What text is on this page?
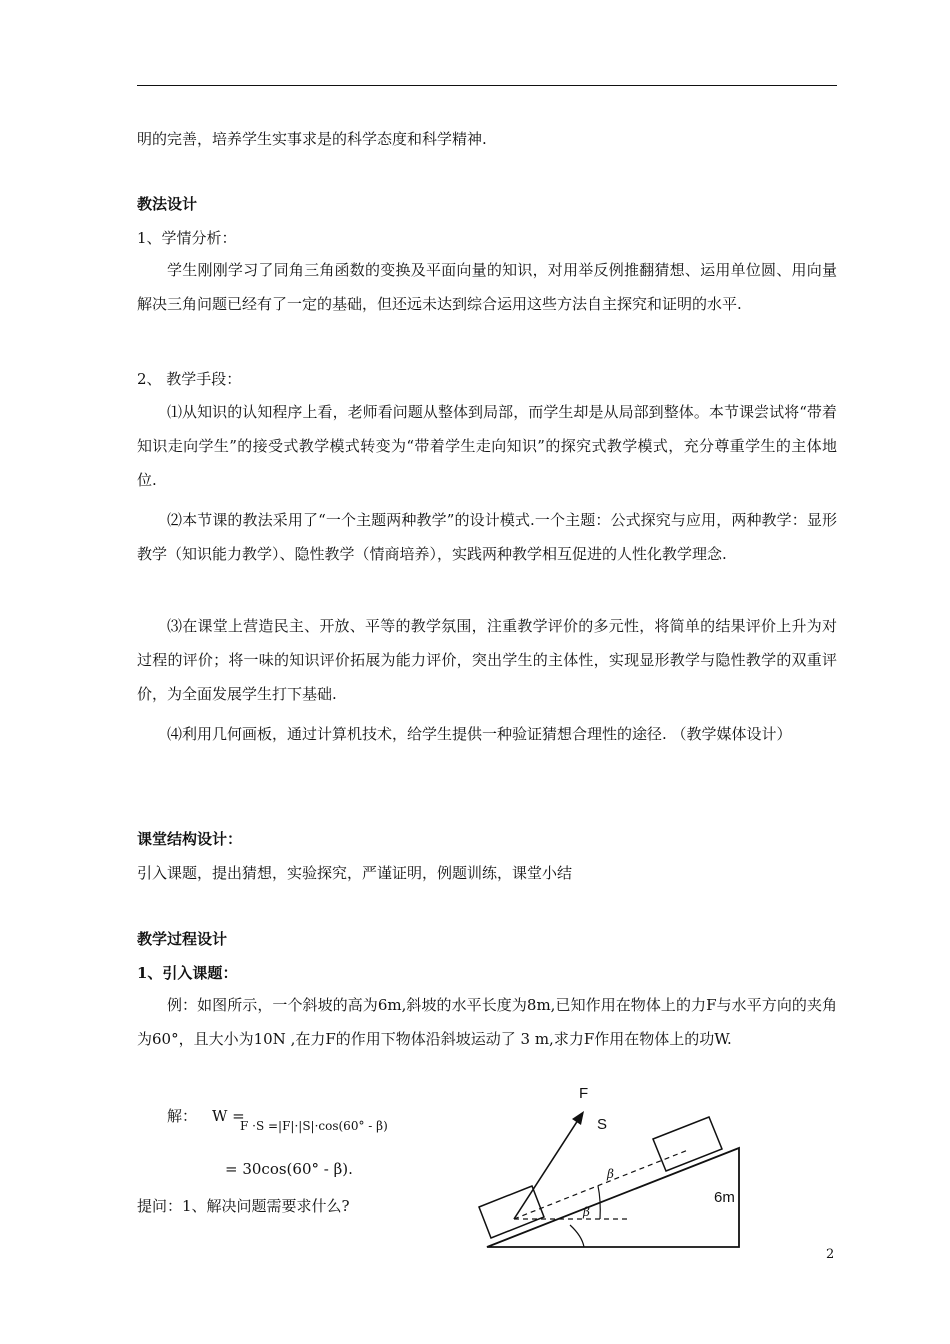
明的完善，培养学生实事求是的科学态度和科学精神.
教法设计
1、学情分析：
学生刚刚学习了同角三角函数的变换及平面向量的知识，对用举反例推翻猜想、运用单位圆、用向量解决三角问题已经有了一定的基础，但还远未达到综合运用这些方法自主探究和证明的水平.
2、 教学手段：
⑴从知识的认知程序上看，老师看问题从整体到局部，而学生却是从局部到整体。本节课尝试将“带着知识走向学生”的接受式教学模式转变为“带着学生走向知识”的探究式教学模式，充分尊重学生的主体地位.
⑵本节课的教法采用了“一个主题两种教学”的设计模式.一个主题：公式探究与应用，两种教学：显形教学（知识能力教学）、隐性教学（情商培养），实践两种教学相互促进的人性化教学理念.
⑶在课堂上营造民主、开放、平等的教学氛围，注重教学评价的多元性，将简单的结果评价上升为对过程的评价；将一味的知识评价拓展为能力评价，突出学生的主体性，实现显形教学与隐性教学的双重评价，为全面发展学生打下基础.
⑷利用几何画板，通过计算机技术，给学生提供一种验证猜想合理性的途径. （教学媒体设计）
课堂结构设计：
引入课题，提出猜想，实验探究，严谨证明，例题训练，课堂小结
教学过程设计
1、引入课题：
例：如图所示，一个斜坡的高为6m,斜坡的水平长度为8m,已知作用在物体上的力F与水平方向的夹角为60°，且大小为10N ,在力F的作用下物体沿斜坡运动了 3 m,求力F作用在物体上的功W.
解： W =
F ·S =|F|·|S|·cos(60° - β)
= 30cos(60° - β).
提问：1、解决问题需要求什么?
F
S
6m
β
β
2
